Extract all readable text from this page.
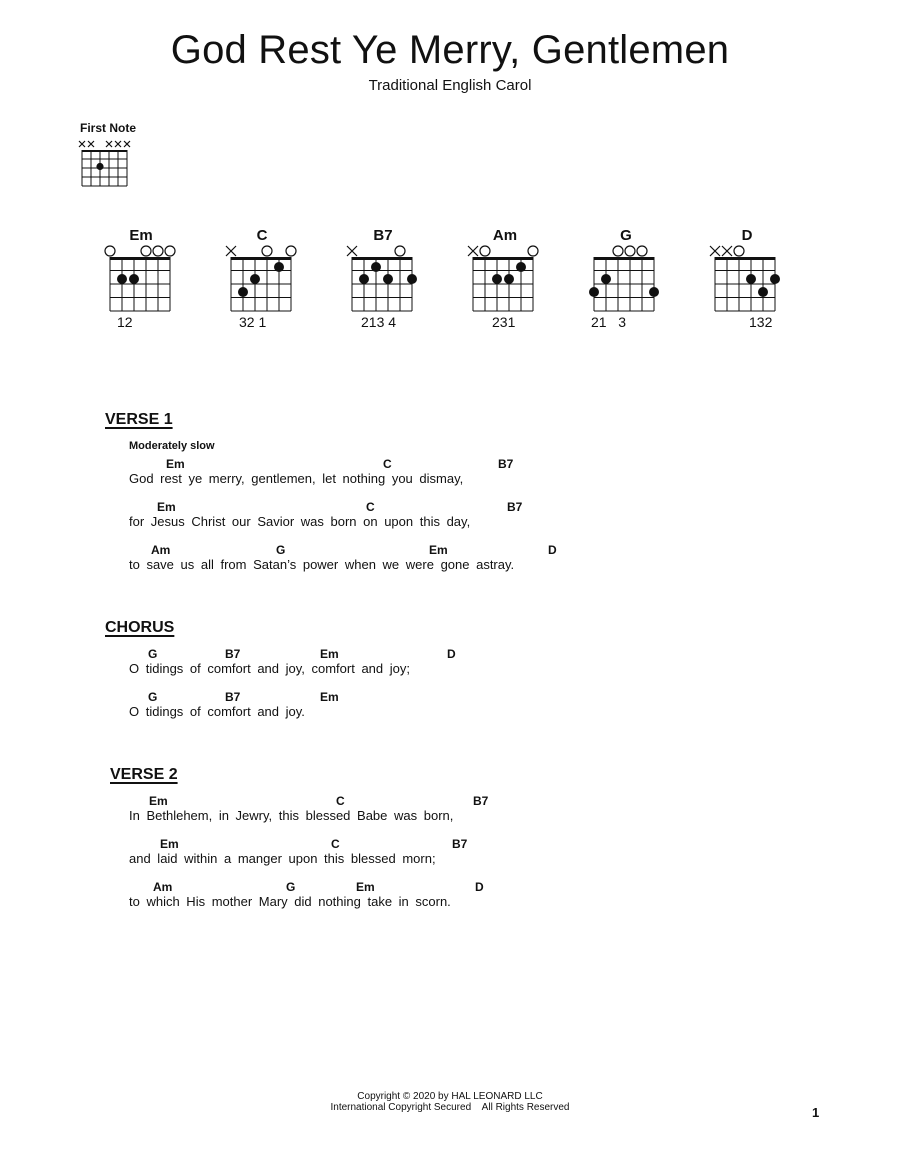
God Rest Ye Merry, Gentlemen
Traditional English Carol
First Note
Em	C	B7	Am	G	D
12	32 1	213 4	231	21   3	132
VERSE 1
Moderately slow
Em	C	B7
God rest ye merry, gentlemen, let nothing you dismay,
Em	C	B7
for Jesus Christ our Savior was born on upon this day,
Am	G	Em	D
to save us all from Satan’s power when we were gone astray.
CHORUS
G	B7	Em	D
O tidings of comfort and joy, comfort and joy;
G	B7	Em
O tidings of comfort and joy.
VERSE 2
Em	C	B7
In Bethlehem, in Jewry, this blessed Babe was born,
Em	C	B7
and laid within a manger upon this blessed morn;
Am	G	Em	D
to which His mother Mary did nothing take in scorn.
Copyright © 2020 by HAL LEONARD LLC
International Copyright Secured    All Rights Reserved	1
